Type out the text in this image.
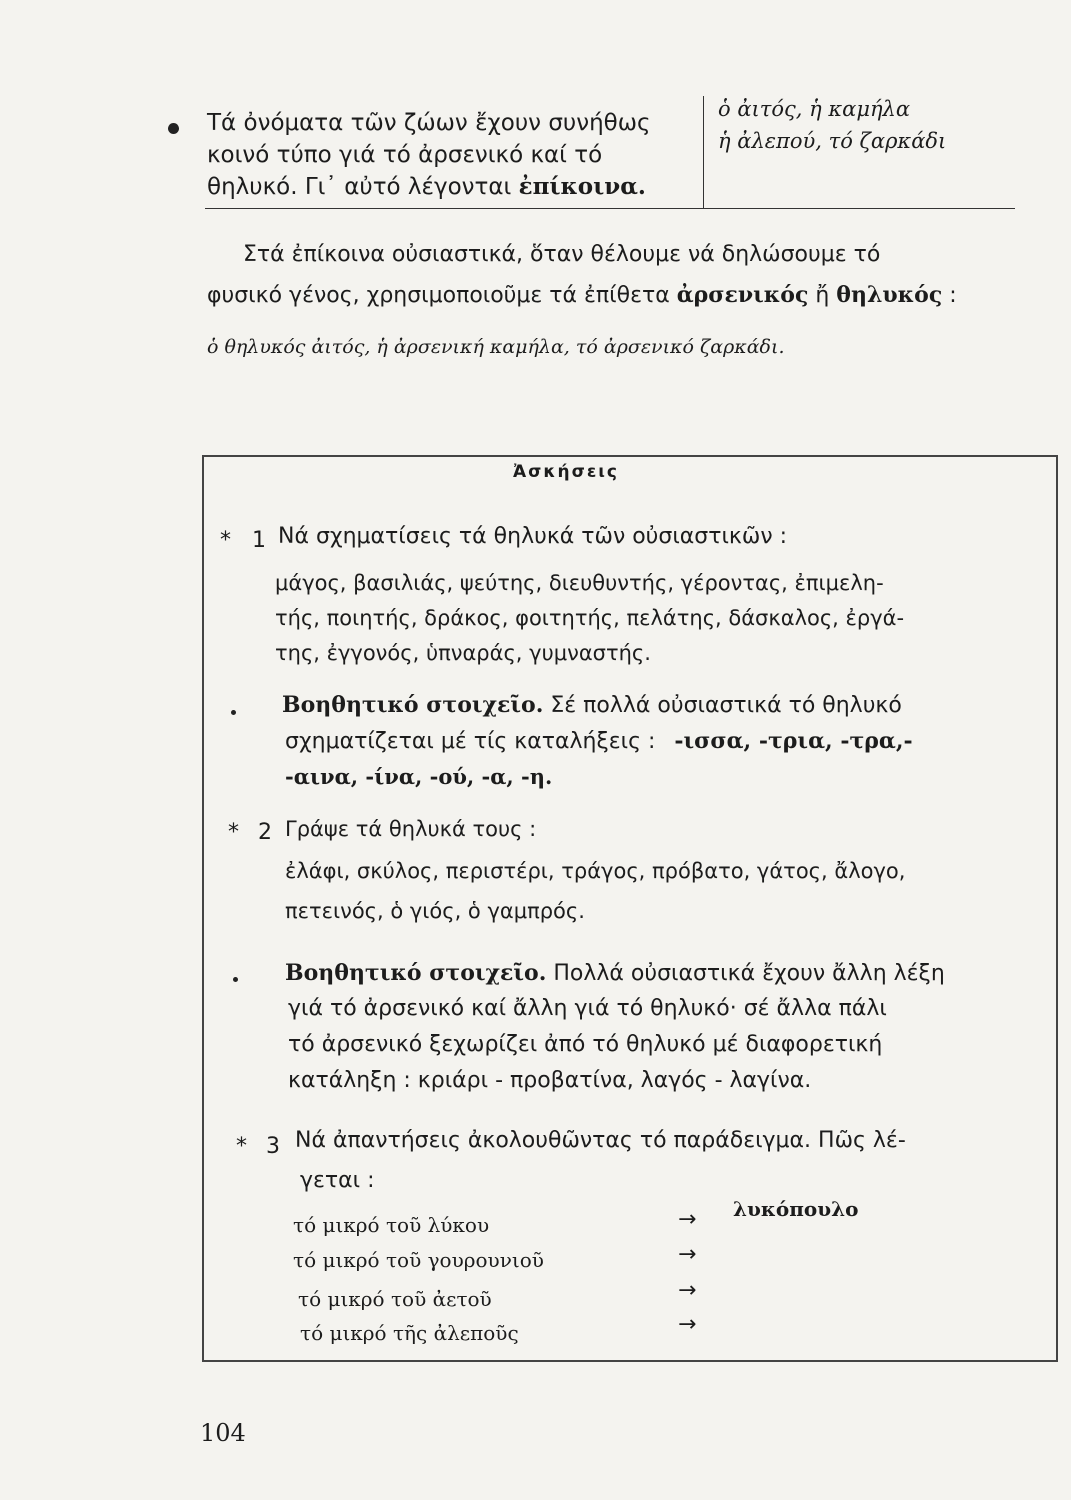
Τά ὀνόματα τῶν ζώων ἔχουν συνήθως
κοινό τύπο γιά τό ἀρσενικό καί τό
θηλυκό. Γι᾿ αὐτό λέγονται ἐπίκοινα.
ὁ ἀιτός, ἡ καμήλα
ἡ ἀλεπού, τό ζαρκάδι
Στά ἐπίκοινα οὐσιαστικά, ὅταν θέλουμε νά δηλώσουμε τό
φυσικό γένος, χρησιμοποιοῦμε τά ἐπίθετα ἀρσενικός ἤ θηλυκός :
ὁ θηλυκός ἀιτός, ἡ ἀρσενική καμήλα, τό ἀρσενικό ζαρκάδι.
Ἀσκήσεις
* 1 Νά σχηματίσεις τά θηλυκά τῶν οὐσιαστικῶν :
μάγος, βασιλιάς, ψεύτης, διευθυντής, γέροντας, ἐπιμελη-
τής, ποιητής, δράκος, φοιτητής, πελάτης, δάσκαλος, ἐργά-
της, ἐγγονός, ὑπναράς, γυμναστής.
Βοηθητικό στοιχεῖο. Σέ πολλά οὐσιαστικά τό θηλυκό
σχηματίζεται μέ τίς καταλήξεις : -ισσα, -τρια, -τρα,-
-αινα, -ίνα, -ού, -α, -η.
* 2 Γράψε τά θηλυκά τους :
ἐλάφι, σκύλος, περιστέρι, τράγος, πρόβατο, γάτος, ἄλογο,
πετεινός, ὁ γιός, ὁ γαμπρός.
Βοηθητικό στοιχεῖο. Πολλά οὐσιαστικά ἔχουν ἄλλη λέξη
γιά τό ἀρσενικό καί ἄλλη γιά τό θηλυκό· σέ ἄλλα πάλι
τό ἀρσενικό ξεχωρίζει ἀπό τό θηλυκό μέ διαφορετική
κατάληξη : κριάρι - προβατίνα, λαγός - λαγίνα.
* 3 Νά ἀπαντήσεις ἀκολουθῶντας τό παράδειγμα. Πῶς λέ-
γεται :
τό μικρό τοῦ λύκου	→ λυκόπουλο
τό μικρό τοῦ γουρουνιοῦ	→
τό μικρό τοῦ ἀετοῦ	→
τό μικρό τῆς ἀλεποῦς	→
104
